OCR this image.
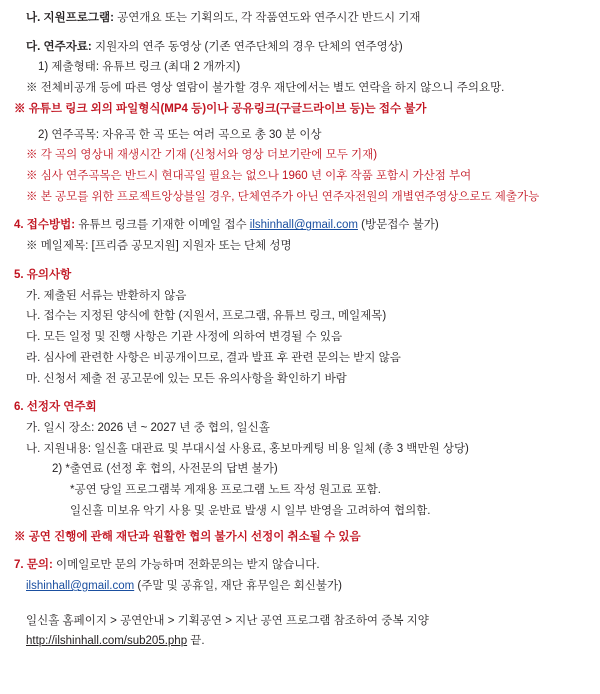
나. 지원프로그램: 공연개요 또는 기획의도, 각 작품연도와 연주시간 반드시 기재
다. 연주자료: 지원자의 연주 동영상 (기존 연주단체의 경우 단체의 연주영상)
1) 제출형태: 유튜브 링크 (최대 2 개까지)
※ 전체비공개 등에 따른 영상 열람이 불가할 경우 재단에서는 별도 연락을 하지 않으니 주의요망.
※ 유튜브 링크 외의 파일형식(MP4 등)이나 공유링크(구글드라이브 등)는 접수 불가
2) 연주곡목: 자유곡 한 곡 또는 여러 곡으로 총 30 분 이상
※ 각 곡의 영상내 재생시간 기재 (신청서와 영상 더보기란에 모두 기재)
※ 심사 연주곡목은 반드시 현대곡일 필요는 없으나 1960 년 이후 작품 포함시 가산점 부여
※ 본 공모를 위한 프로젝트앙상블일 경우, 단체연주가 아닌 연주자전원의 개별연주영상으로도 제출가능
4. 접수방법: 유튜브 링크를 기재한 이메일 접수 ilshinhall@gmail.com (방문접수 불가)
※ 메일제목: [프리즘 공모지원] 지원자 또는 단체 성명
5. 유의사항
가. 제출된 서류는 반환하지 않음
나. 접수는 지정된 양식에 한함 (지원서, 프로그램, 유튜브 링크, 메일제목)
다. 모든 일정 및 진행 사항은 기관 사정에 의하여 변경될 수 있음
라. 심사에 관련한 사항은 비공개이므로, 결과 발표 후 관련 문의는 받지 않음
마. 신청서 제출 전 공고문에 있는 모든 유의사항을 확인하기 바람
6. 선정자 연주회
가. 일시 장소: 2026 년 ~ 2027 년 중 협의, 일신홀
나. 지원내용: 일신홀 대관료 및 부대시설 사용료, 홍보마케팅 비용 일체 (총 3 백만원 상당)
2) *출연료 (선정 후 협의, 사전문의 답변 불가)
*공연 당일 프로그램북 게재용 프로그램 노트 작성 원고료 포함.
일신홀 미보유 악기 사용 및 운반료 발생 시 일부 반영을 고려하여 협의함.
※ 공연 진행에 관해 재단과 원활한 협의 불가시 선정이 취소될 수 있음
7. 문의: 이메일로만 문의 가능하며 전화문의는 받지 않습니다.
ilshinhall@gmail.com (주말 및 공휴일, 재단 휴무일은 회신불가)
일신홀 홈페이지 > 공연안내 > 기획공연 > 지난 공연 프로그램 참조하여 중복 지양
http://ilshinhall.com/sub205.php 끝.
